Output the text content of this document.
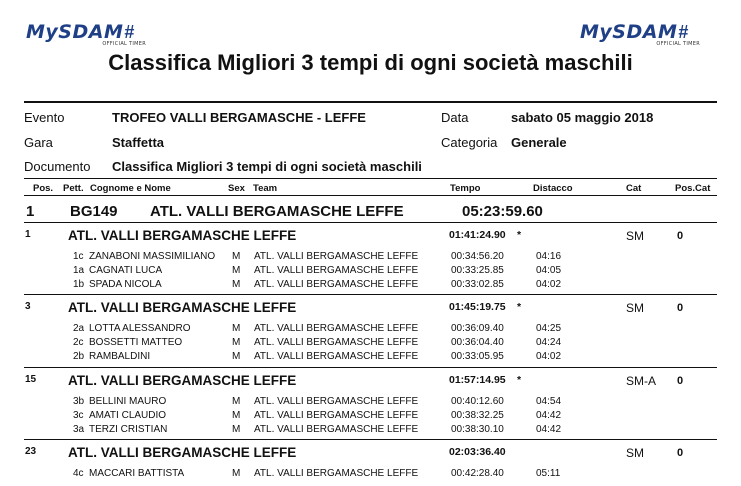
MySDAM#
OFFICIAL TIMER
MySDAM#
OFFICIAL TIMER
Classifica Migliori 3 tempi di ogni società maschili
Evento	TROFEO VALLI BERGAMASCHE - LEFFE	Data	sabato 05 maggio 2018
Gara	Staffetta	Categoria Generale
Documento Classifica Migliori 3 tempi di ogni società maschili
Pos. Pett. Cognome e Nome	Sex Team	Tempo	Distacco	Cat	Pos.Cat
1 BG149 ATL. VALLI BERGAMASCHE LEFFE	05:23:59.60
1	ATL. VALLI BERGAMASCHE LEFFE	01:41:24.90 *	SM	0
1c ZANABONI MASSIMILIANO M ATL. VALLI BERGAMASCHE LEFFE	00:34:56.20	04:16
1a CAGNATI LUCA	M ATL. VALLI BERGAMASCHE LEFFE	00:33:25.85	04:05
1b SPADA NICOLA	M ATL. VALLI BERGAMASCHE LEFFE	00:33:02.85	04:02
3	ATL. VALLI BERGAMASCHE LEFFE	01:45:19.75 *	SM	0
2a LOTTA ALESSANDRO	M ATL. VALLI BERGAMASCHE LEFFE	00:36:09.40	04:25
2c BOSSETTI MATTEO	M ATL. VALLI BERGAMASCHE LEFFE	00:36:04.40	04:24
2b RAMBALDINI	M ATL. VALLI BERGAMASCHE LEFFE	00:33:05.95	04:02
15 ATL. VALLI BERGAMASCHE LEFFE	01:57:14.95 *	SM-A 0
3b BELLINI MAURO	M ATL. VALLI BERGAMASCHE LEFFE	00:40:12.60	04:54
3c AMATI CLAUDIO	M ATL. VALLI BERGAMASCHE LEFFE	00:38:32.25	04:42
3a TERZI CRISTIAN	M ATL. VALLI BERGAMASCHE LEFFE	00:38:30.10	04:42
23 ATL. VALLI BERGAMASCHE LEFFE	02:03:36.40	SM	0
4c MACCARI BATTISTA	M ATL. VALLI BERGAMASCHE LEFFE	00:42:28.40	05:11
